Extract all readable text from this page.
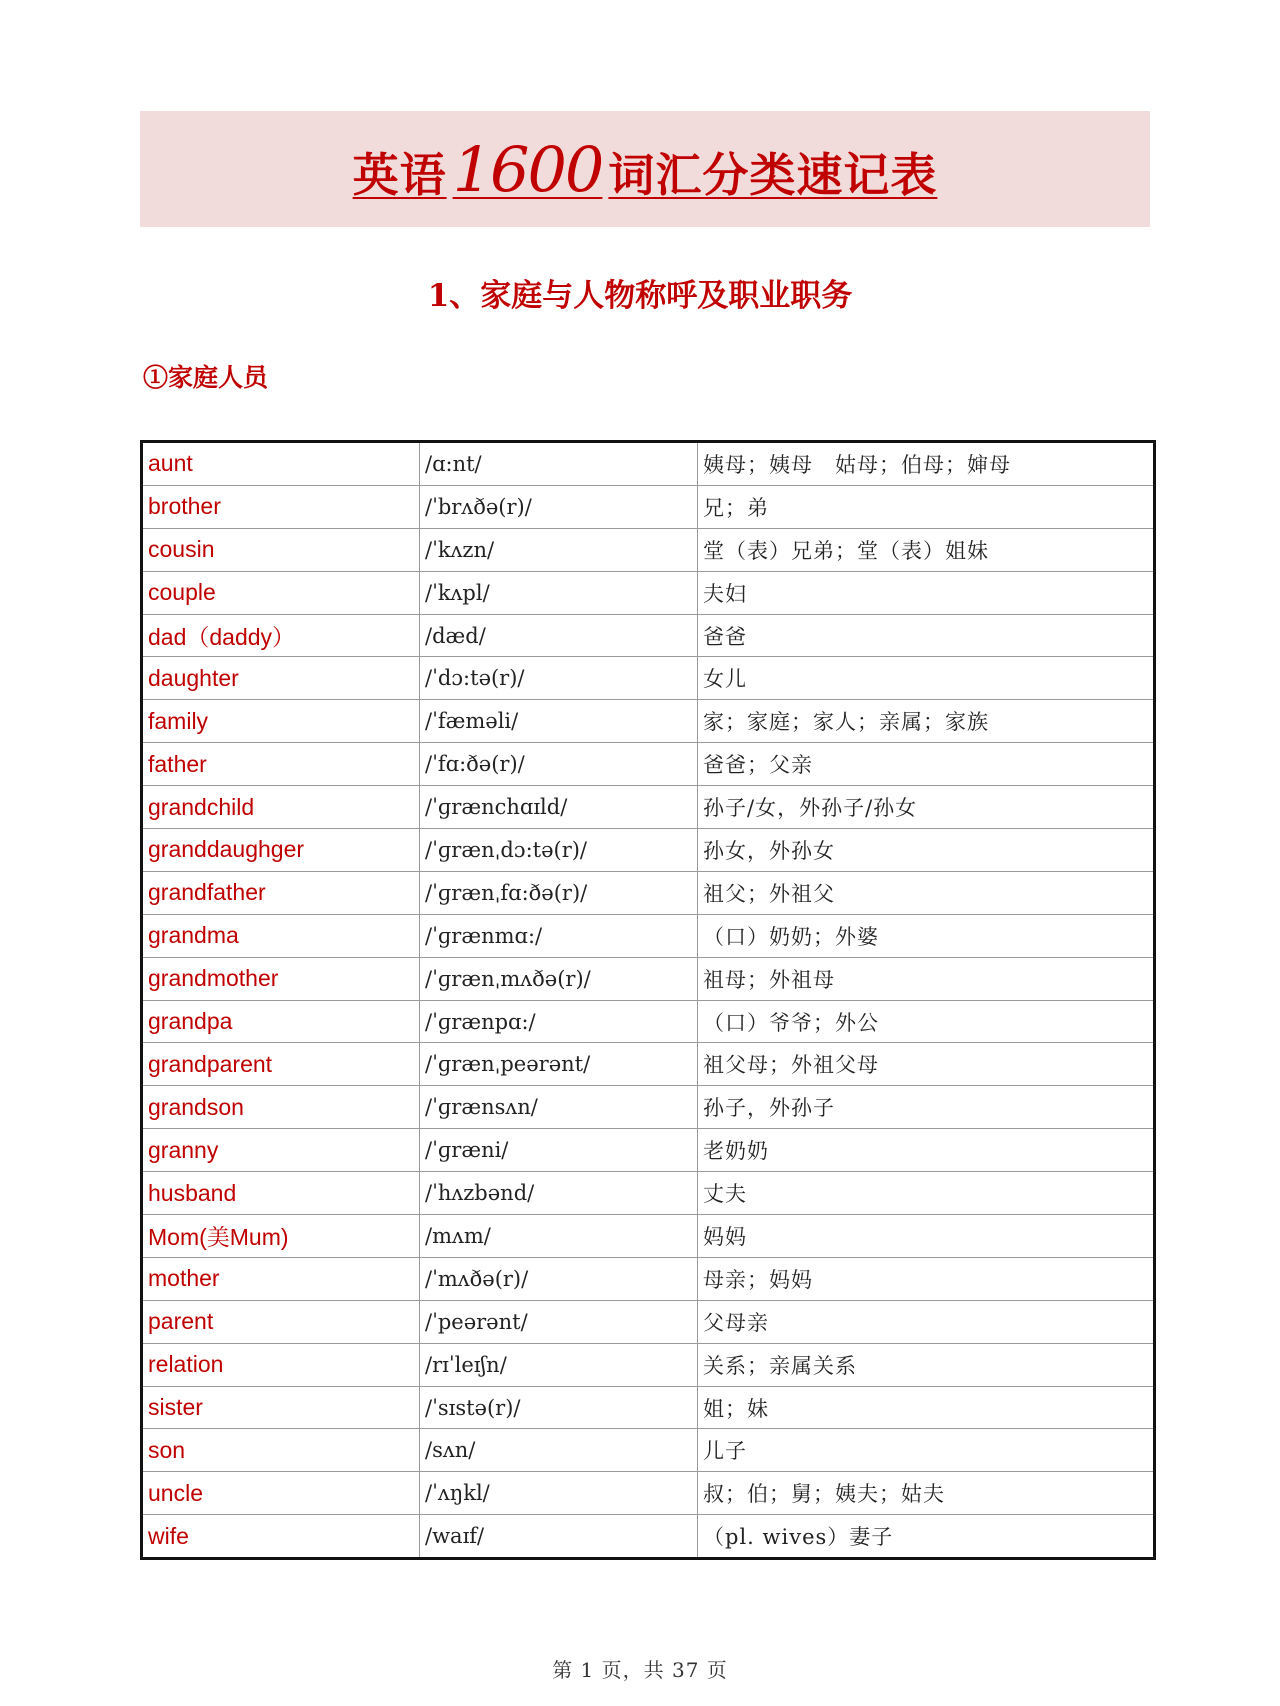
英语1600 词汇分类速记表
1、家庭与人物称呼及职业职务
①家庭人员
aunt	/ɑ:nt/	姨母；姨母　姑母；伯母；婶母
brother	/ˈbrʌðə(r)/	兄；弟
cousin	/ˈkʌzn/	堂（表）兄弟；堂（表）姐妹
couple	/ˈkʌpl/	夫妇
dad（daddy）	/dæd/	爸爸
daughter	/ˈdɔ:tə(r)/	女儿
family	/ˈfæməli/	家；家庭；家人；亲属；家族
father	/ˈfɑ:ðə(r)/	爸爸；父亲
grandchild	/ˈɡrænchɑɪld/	孙子/女，外孙子/孙女
granddaughger	/ˈɡrænˌdɔ:tə(r)/	孙女，外孙女
grandfather	/ˈɡrænˌfɑ:ðə(r)/	祖父；外祖父
grandma	/ˈɡrænmɑ:/	（口）奶奶；外婆
grandmother	/ˈɡrænˌmʌðə(r)/	祖母；外祖母
grandpa	/ˈɡrænpɑ:/	（口）爷爷；外公
grandparent	/ˈɡrænˌpeərənt/	祖父母；外祖父母
grandson	/ˈɡrænsʌn/	孙子，外孙子
granny	/ˈɡræni/	老奶奶
husband	/ˈhʌzbənd/	丈夫
Mom(美Mum)	/mʌm/	妈妈
mother	/ˈmʌðə(r)/	母亲；妈妈
parent	/ˈpeərənt/	父母亲
relation	/rɪˈleɪʃn/	关系；亲属关系
sister	/ˈsɪstə(r)/	姐；妹
son	/sʌn/	儿子
uncle	/ˈʌŋkl/	叔；伯；舅；姨夫；姑夫
wife	/waɪf/	（pl. wives）妻子
第 1 页，共 37 页
